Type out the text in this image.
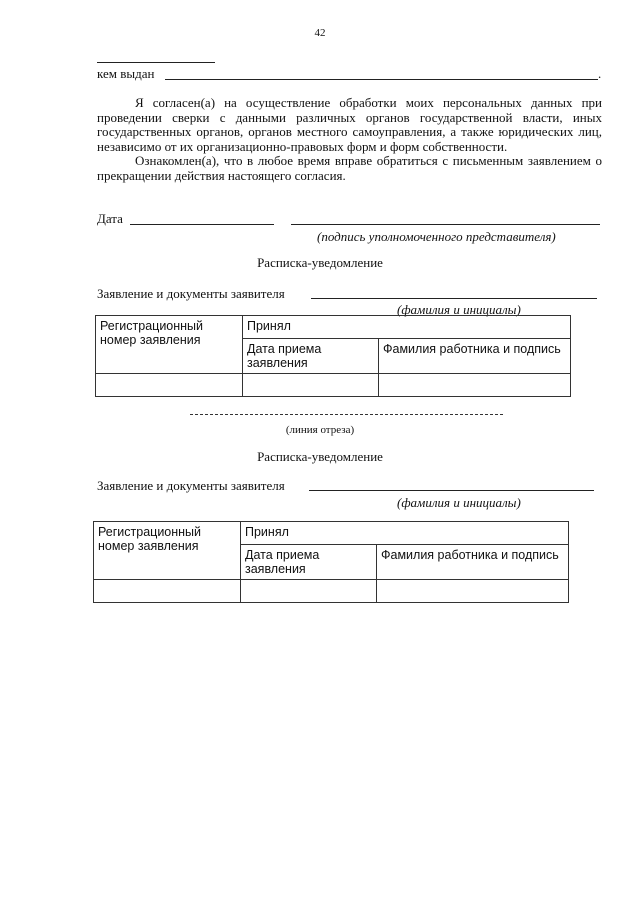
42
кем выдан	.

Я согласен(а) на осуществление обработки моих персональных данных при проведении сверки с данными различных органов государственной власти, иных государственных органов, органов местного самоуправления, а также юридических лиц, независимо от их организационно-правовых форм и форм собственности.

Ознакомлен(а), что в любое время вправе обратиться с письменным заявлением о прекращении действия настоящего согласия.

Дата
(подпись уполномоченного представителя)
Расписка-уведомление
Заявление и документы заявителя
(фамилия и инициалы)
Регистрационный номер заявления	Принял	
	Дата приема заявления	Фамилия работника и подпись

(линия отреза)
Расписка-уведомление
Заявление и документы заявителя
(фамилия и инициалы)
Регистрационный номер заявления	Принял	
	Дата приема заявления	Фамилия работника и подпись
